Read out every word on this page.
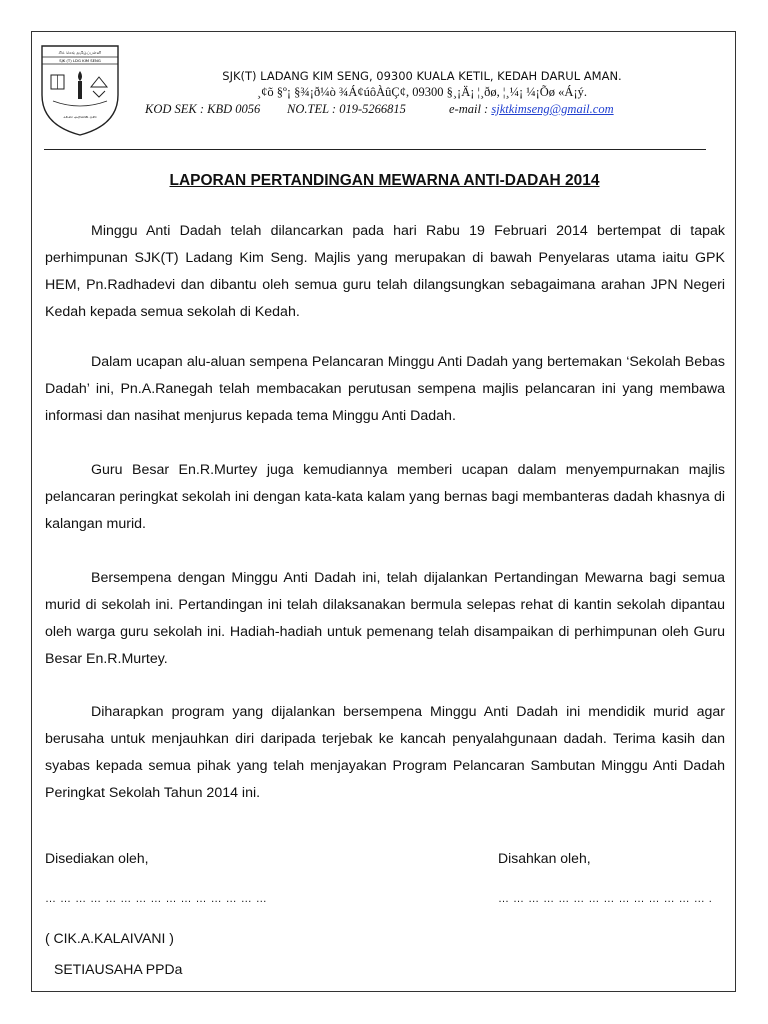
சிக் செங் தமிழ்ப்பள்ளி
SJK (T) LDG KIM SENG
கல்வி அறிவின் ஒளி
SJK(T) LADANG KIM SENG, 09300 KUALA KETIL, KEDAH DARUL AMAN.
¸¢õ §º¡ §¾¡ð¼ò ¾Á¢úôÀûÇ¢, 09300 §¸¡Ä¡ ¦¸ðø, ¦¸¼¡ ¼¡Õø «Á¡ý.
KOD SEK : KBD 0056 NO.TEL : 019-5266815	e-mail : sjktkimseng@gmail.com
LAPORAN PERTANDINGAN MEWARNA ANTI-DADAH 2014
Minggu Anti Dadah telah dilancarkan pada hari Rabu 19 Februari 2014 bertempat di tapak perhimpunan SJK(T) Ladang Kim Seng. Majlis yang merupakan di bawah Penyelaras utama iaitu GPK HEM, Pn.Radhadevi dan dibantu oleh semua guru telah dilangsungkan sebagaimana arahan JPN Negeri Kedah kepada semua sekolah di Kedah.
Dalam ucapan alu-aluan sempena Pelancaran Minggu Anti Dadah yang bertemakan ‘Sekolah Bebas Dadah’ ini, Pn.A.Ranegah telah membacakan perutusan sempena majlis pelancaran ini yang membawa informasi dan nasihat menjurus kepada tema Minggu Anti Dadah.
Guru Besar En.R.Murtey juga kemudiannya memberi ucapan dalam menyempurnakan majlis pelancaran peringkat sekolah ini dengan kata-kata kalam yang bernas bagi membanteras dadah khasnya di kalangan murid.
Bersempena dengan Minggu Anti Dadah ini, telah dijalankan Pertandingan Mewarna bagi semua murid di sekolah ini. Pertandingan ini telah dilaksanakan bermula selepas rehat di kantin sekolah dipantau oleh warga guru sekolah ini. Hadiah-hadiah untuk pemenang telah disampaikan di perhimpunan oleh Guru Besar En.R.Murtey.
Diharapkan program yang dijalankan bersempena Minggu Anti Dadah ini mendidik murid agar berusaha untuk menjauhkan diri daripada terjebak ke kancah penyalahgunaan dadah. Terima kasih dan syabas kepada semua pihak yang telah menjayakan Program Pelancaran Sambutan Minggu Anti Dadah Peringkat Sekolah Tahun 2014 ini.
Disediakan oleh,	Disahkan oleh,
… … … … … … … … … … … … … … …	… … … … … … … … … … … … … … .
( CIK.A.KALAIVANI )
SETIAUSAHA PPDa
